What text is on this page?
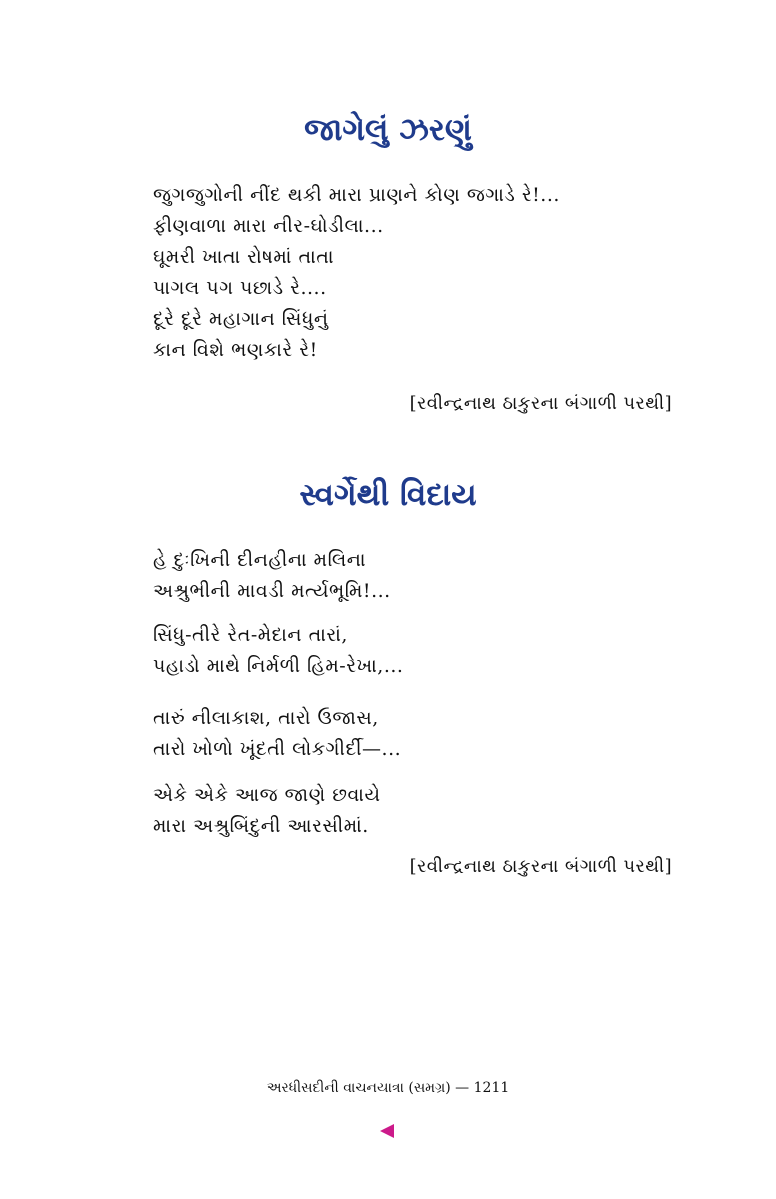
જાગેલું ઝરણું
જુગજુગોની નીંદ થકી મારા પ્રાણને કોણ જગાડે રે!...
ફીણવાળા મારા નીર-ઘોડીલા...
ઘૂમરી ખાતા રોષમાં તાતા
પાગલ પગ પછાડે રે....
દૂરે દૂરે મહાગાન સિંધુનું
કાન વિશે ભણકારે રે!
[રવીન્દ્રનાથ ઠાકુરના બંગાળી પરથી]
સ્વર્ગેથી વિદાય
હે દુઃખિની દીનહીના મલિના
અશ્રુભીની માવડી મર્ત્યભૂમિ!...
સિંધુ-તીરે રેત-મેદાન તારાં,
પહાડો માથે નિર્મળી હિમ-રેખા,...
તારું નીલાકાશ, તારો ઉજાસ,
તારો ખોળો ખૂંદતી લોકગીર્દી—...
એકે એકે આજ જાણે છવાયે
મારા અશ્રુબિંદુની આરસીમાં.
[રવીન્દ્રનાથ ઠાકુરના બંગાળી પરથી]
અરધીસદીની વાચનયાત્રા (સમગ્ર) — 1211
